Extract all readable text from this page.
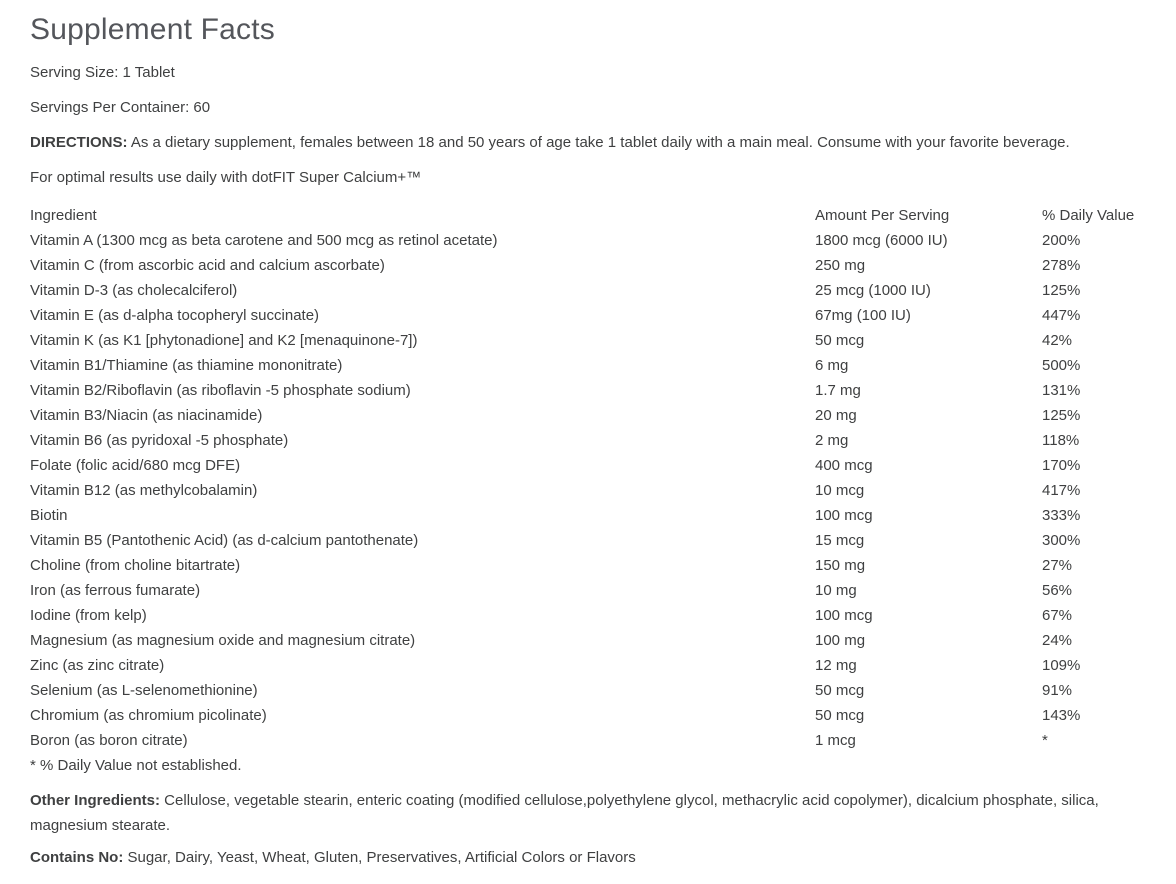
Supplement Facts

Serving Size: 1 Tablet

Servings Per Container: 60

DIRECTIONS: As a dietary supplement, females between 18 and 50 years of age take 1 tablet daily with a main meal. Consume with your favorite beverage.

For optimal results use daily with dotFIT Super Calcium+™

Ingredient	Amount Per Serving	% Daily Value
Vitamin A (1300 mcg as beta carotene and 500 mcg as retinol acetate)	1800 mcg (6000 IU)	200%
Vitamin C (from ascorbic acid and calcium ascorbate)	250 mg	278%
Vitamin D-3 (as cholecalciferol)	25 mcg (1000 IU)	125%
Vitamin E (as d-alpha tocopheryl succinate)	67mg (100 IU)	447%
Vitamin K (as K1 [phytonadione] and K2 [menaquinone-7])	50 mcg	42%
Vitamin B1/Thiamine (as thiamine mononitrate)	6 mg	500%
Vitamin B2/Riboflavin (as riboflavin -5 phosphate sodium)	1.7 mg	131%
Vitamin B3/Niacin (as niacinamide)	20 mg	125%
Vitamin B6 (as pyridoxal -5 phosphate)	2 mg	118%
Folate (folic acid/680 mcg DFE)	400 mcg	170%
Vitamin B12 (as methylcobalamin)	10 mcg	417%
Biotin	100 mcg	333%
Vitamin B5 (Pantothenic Acid) (as d-calcium pantothenate)	15 mcg	300%
Choline (from choline bitartrate)	150 mg	27%
Iron (as ferrous fumarate)	10 mg	56%
Iodine (from kelp)	100 mcg	67%
Magnesium (as magnesium oxide and magnesium citrate)	100 mg	24%
Zinc (as zinc citrate)	12 mg	109%
Selenium (as L-selenomethionine)	50 mcg	91%
Chromium (as chromium picolinate)	50 mcg	143%
Boron (as boron citrate)	1 mcg	*
* % Daily Value not established.

Other Ingredients: Cellulose, vegetable stearin, enteric coating (modified cellulose,polyethylene glycol, methacrylic acid copolymer), dicalcium phosphate, silica, magnesium stearate.

Contains No: Sugar, Dairy, Yeast, Wheat, Gluten, Preservatives, Artificial Colors or Flavors
